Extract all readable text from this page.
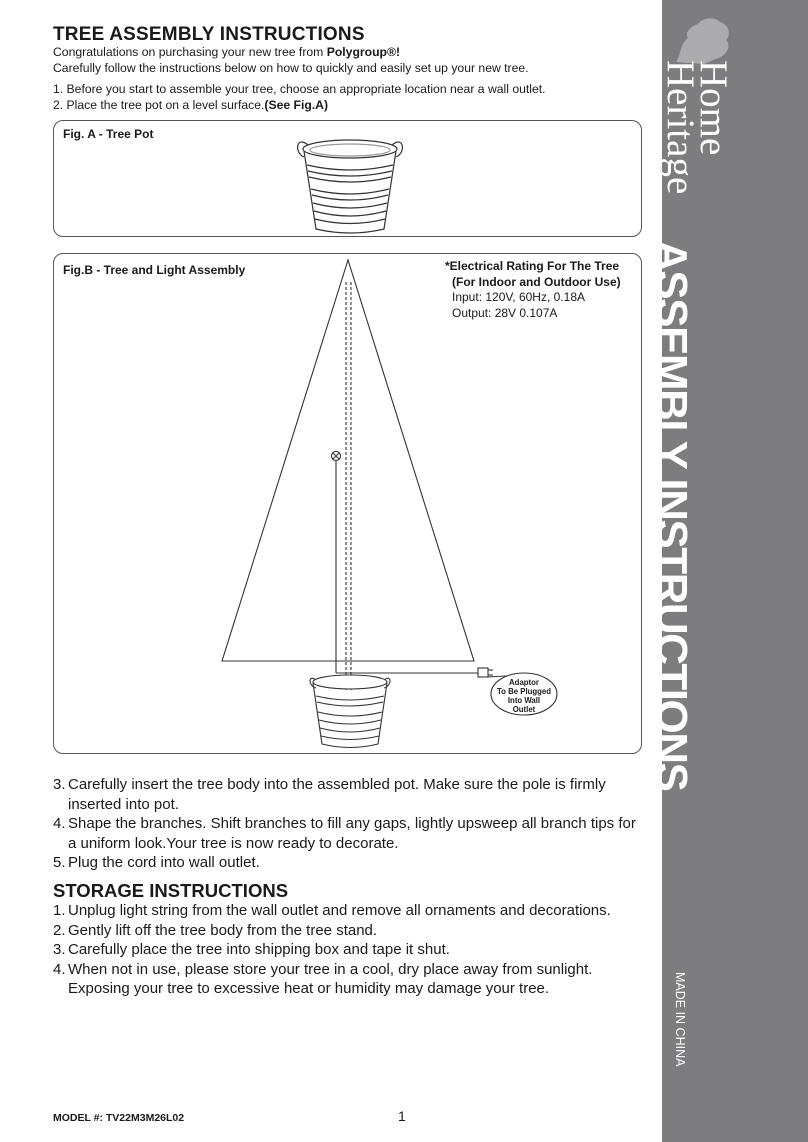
TREE ASSEMBLY INSTRUCTIONS
Congratulations on purchasing your new tree from Polygroup®!
Carefully follow the instructions below on how to quickly and easily set up your new tree.
1. Before you start to assemble your tree, choose an appropriate location near a wall outlet.
2. Place the tree pot on a level surface.(See Fig.A)
Fig. A - Tree Pot
Fig.B - Tree and Light Assembly	*Electrical Rating For The Tree
(For Indoor and Outdoor Use)
Input: 120V, 60Hz, 0.18A
Output: 28V 0.107A
Adaptor
To Be Plugged
Into Wall
Outlet
3. Carefully insert the tree body into the assembled pot. Make sure the pole is firmly
inserted into pot.
4. Shape the branches. Shift branches to fill any gaps, lightly upsweep all branch tips for
a uniform look.Your tree is now ready to decorate.
5. Plug the cord into wall outlet.
STORAGE INSTRUCTIONS
1. Unplug light string from the wall outlet and remove all ornaments and decorations.
2. Gently lift off the tree body from the tree stand.
3. Carefully place the tree into shipping box and tape it shut.
4. When not in use, please store your tree in a cool, dry place away from sunlight.
Exposing your tree to excessive heat or humidity may damage your tree.
MODEL #: TV22M3M26L02	1
Home
Heritage
ASSEMBLY INSTRUCTIONS
MADE IN CHINA
